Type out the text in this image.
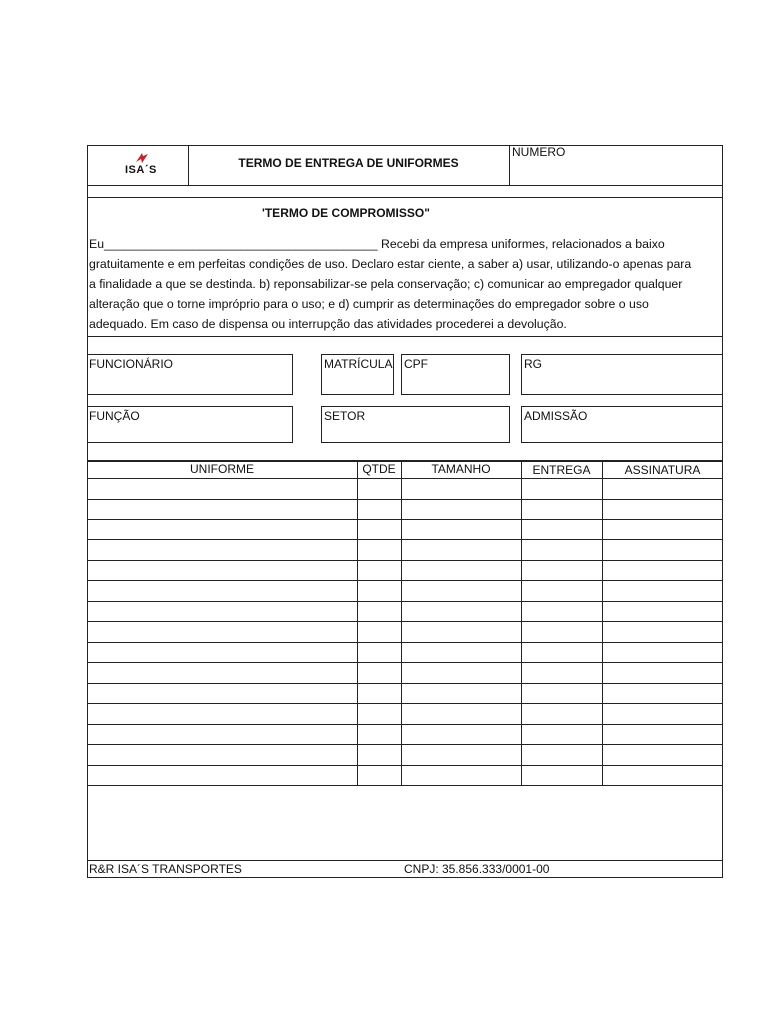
ISA´S	TERMO DE ENTREGA DE UNIFORMES
NUMERO
'TERMO DE COMPROMISSO"
Eu________________________________________ Recebi da empresa uniformes, relacionados a baixo
gratuitamente e em perfeitas condições de uso. Declaro estar ciente, a saber a) usar, utilizando-o apenas para
a finalidade a que se destinda. b) reponsabilizar-se pela conservação; c) comunicar ao empregador qualquer
alteração que o torne impróprio para o uso; e d) cumprir as determinações do empregador sobre o uso
adequado. Em caso de dispensa ou interrupção das atividades procederei a devolução.
FUNCIONÁRIO	MATRÍCULA CPF	RG
FUNÇÃO	SETOR	ADMISSÃO
UNIFORME	QTDE	TAMANHO	ENTREGA	ASSINATURA
R&R ISA´S TRANSPORTES	CNPJ: 35.856.333/0001-00
